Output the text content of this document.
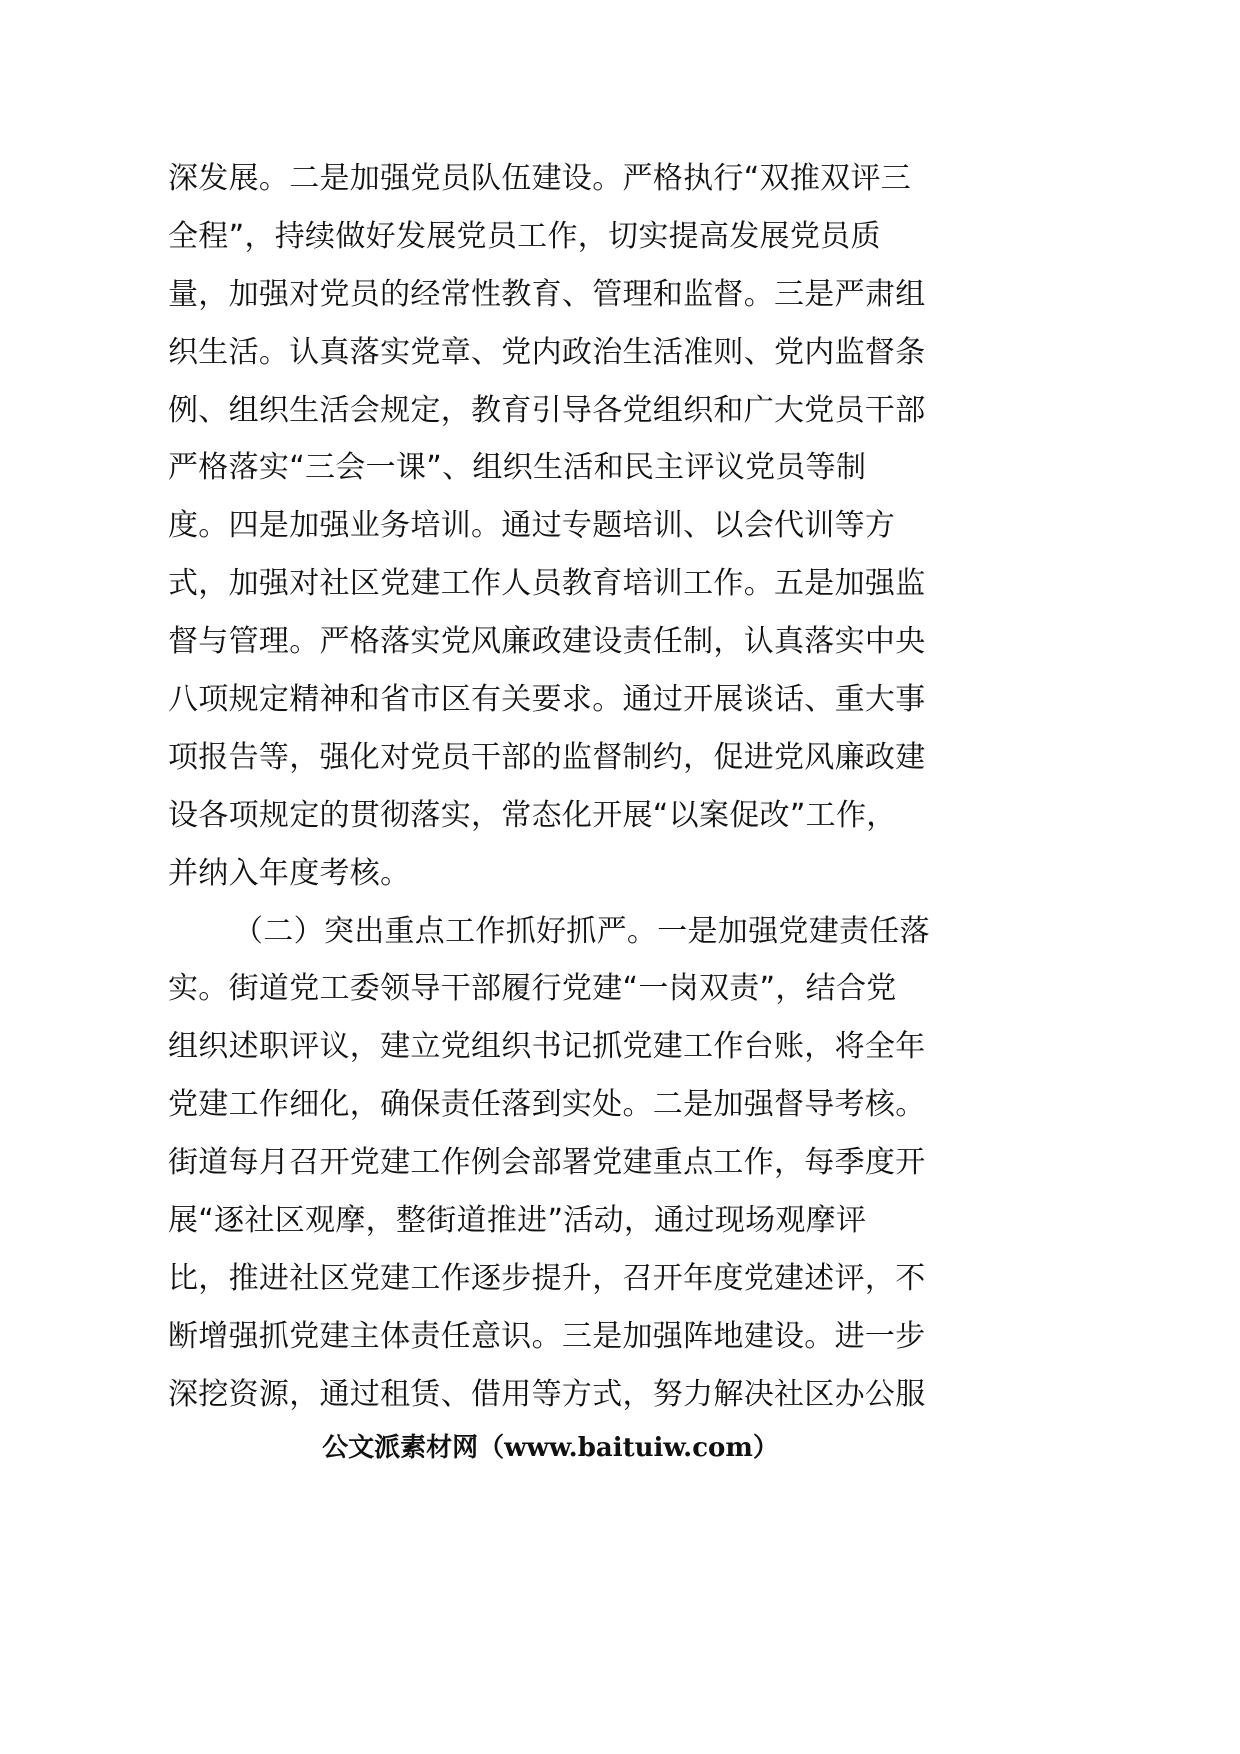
深发展。二是加强党员队伍建设。严格执行“双推双评三
全程”，持续做好发展党员工作，切实提高发展党员质
量，加强对党员的经常性教育、管理和监督。三是严肃组
织生活。认真落实党章、党内政治生活准则、党内监督条
例、组织生活会规定，教育引导各党组织和广大党员干部
严格落实“三会一课”、组织生活和民主评议党员等制
度。四是加强业务培训。通过专题培训、以会代训等方
式，加强对社区党建工作人员教育培训工作。五是加强监
督与管理。严格落实党风廉政建设责任制，认真落实中央
八项规定精神和省市区有关要求。通过开展谈话、重大事
项报告等，强化对党员干部的监督制约，促进党风廉政建
设各项规定的贯彻落实，常态化开展“以案促改”工作，
并纳入年度考核。
（二）突出重点工作抓好抓严。一是加强党建责任落
实。街道党工委领导干部履行党建“一岗双责”，结合党
组织述职评议，建立党组织书记抓党建工作台账，将全年
党建工作细化，确保责任落到实处。二是加强督导考核。
街道每月召开党建工作例会部署党建重点工作，每季度开
展“逐社区观摩，整街道推进”活动，通过现场观摩评
比，推进社区党建工作逐步提升，召开年度党建述评，不
断增强抓党建主体责任意识。三是加强阵地建设。进一步
深挖资源，通过租赁、借用等方式，努力解决社区办公服
公文派素材网（www.baituiw.com）
